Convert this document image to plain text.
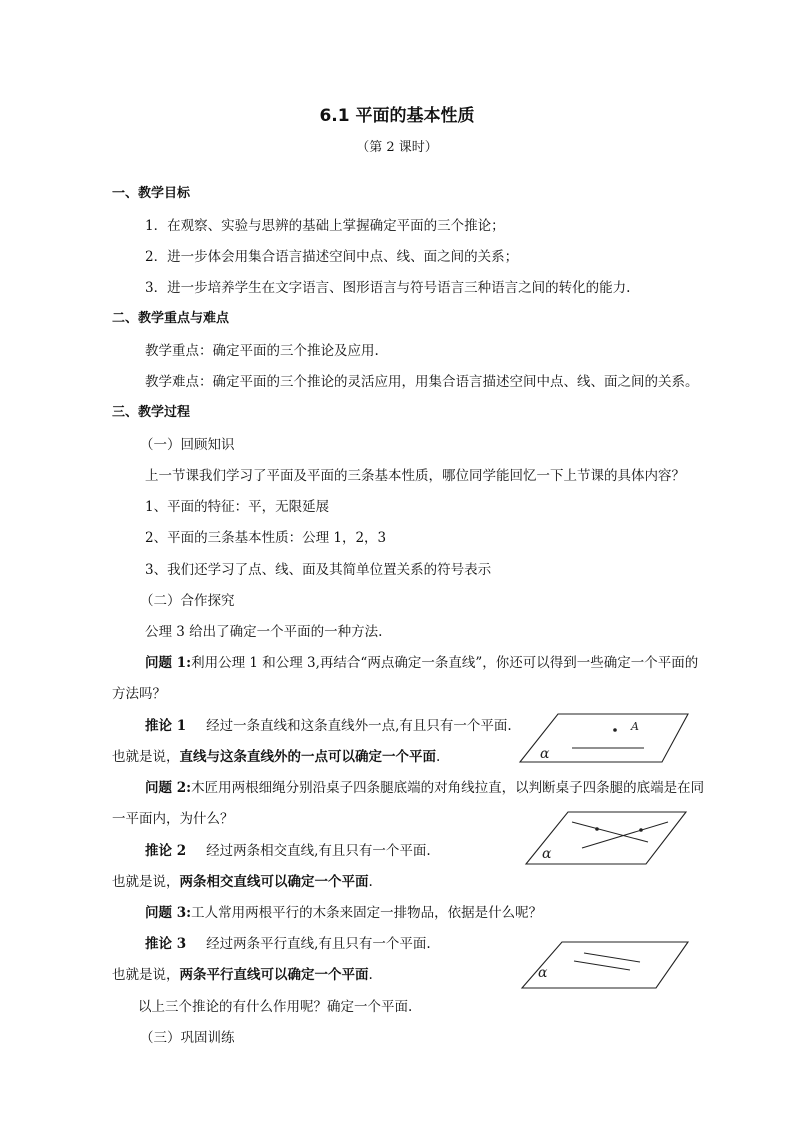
6.1 平面的基本性质
（第 2 课时）
一、教学目标
1．在观察、实验与思辨的基础上掌握确定平面的三个推论；
2．进一步体会用集合语言描述空间中点、线、面之间的关系；
3．进一步培养学生在文字语言、图形语言与符号语言三种语言之间的转化的能力.
二、教学重点与难点
教学重点：确定平面的三个推论及应用.
教学难点：确定平面的三个推论的灵活应用，用集合语言描述空间中点、线、面之间的关系。
三、教学过程
（一）回顾知识
上一节课我们学习了平面及平面的三条基本性质，哪位同学能回忆一下上节课的具体内容？
1、平面的特征：平，无限延展
2、平面的三条基本性质：公理 1，2，3
3、我们还学习了点、线、面及其简单位置关系的符号表示
（二）合作探究
公理 3 给出了确定一个平面的一种方法.
问题 1:利用公理 1 和公理 3,再结合“两点确定一条直线”，你还可以得到一些确定一个平面的
方法吗？
推论 1 经过一条直线和这条直线外一点,有且只有一个平面.
也就是说，直线与这条直线外的一点可以确定一个平面.
问题 2:木匠用两根细绳分别沿桌子四条腿底端的对角线拉直，以判断桌子四条腿的底端是在同
一平面内，为什么？
推论 2 经过两条相交直线,有且只有一个平面.
也就是说，两条相交直线可以确定一个平面.
问题 3:工人常用两根平行的木条来固定一排物品，依据是什么呢？
推论 3 经过两条平行直线,有且只有一个平面.
也就是说，两条平行直线可以确定一个平面.
以上三个推论的有什么作用呢？确定一个平面.
（三）巩固训练
A
α
α
α
